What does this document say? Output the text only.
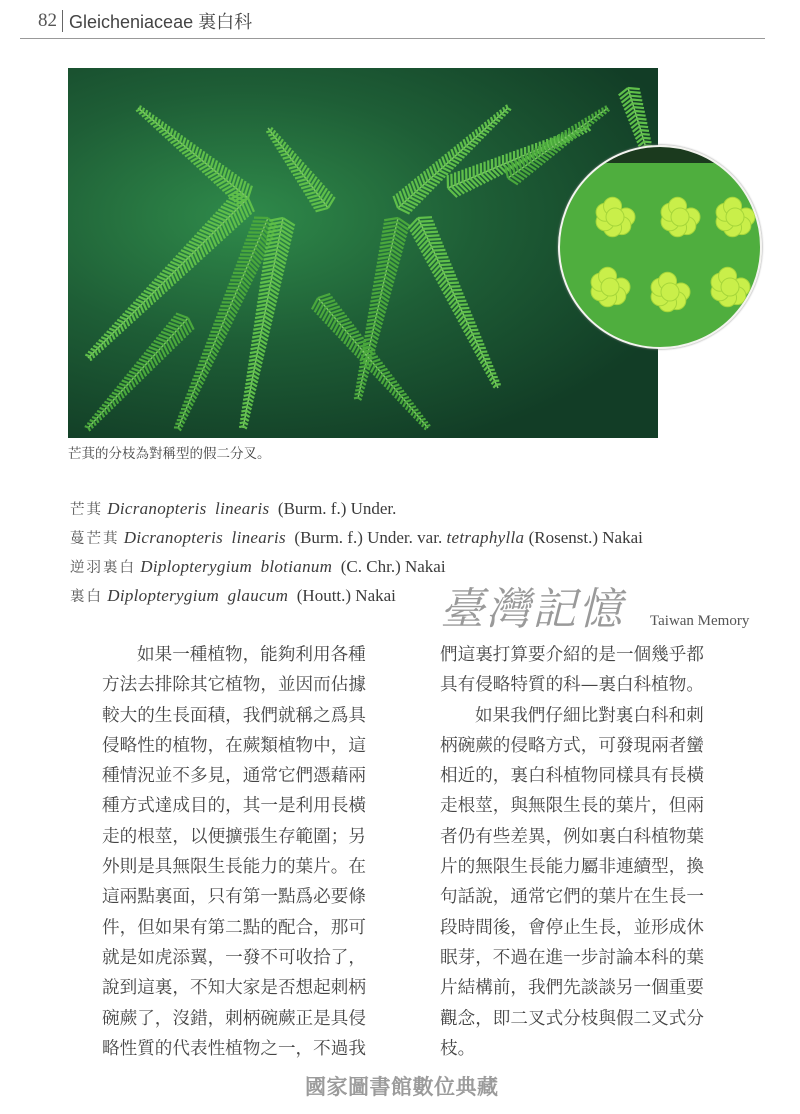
82 Gleicheniaceae 裏白科
芒萁的分枝為對稱型的假二分叉。
芒萁 Dicranopteris linearis (Burm. f.) Under.
蔓芒萁 Dicranopteris linearis (Burm. f.) Under. var. tetraphylla (Rosenst.) Nakai
逆羽裏白 Diplopterygium blotianum (C. Chr.) Nakai
裏白 Diplopterygium glaucum (Houtt.) Nakai	臺灣記憶 Taiwan Memory
如果一種植物，能夠利用各種
方法去排除其它植物，並因而佔據
較大的生長面積，我們就稱之爲具
侵略性的植物，在蕨類植物中，這
種情況並不多見，通常它們憑藉兩
種方式達成目的，其一是利用長橫
走的根莖，以便擴張生存範圍；另
外則是具無限生長能力的葉片。在
這兩點裏面，只有第一點爲必要條
件，但如果有第二點的配合，那可
就是如虎添翼，一發不可收拾了，
說到這裏，不知大家是否想起刺柄
碗蕨了，沒錯，刺柄碗蕨正是具侵
略性質的代表性植物之一，不過我
們這裏打算要介紹的是一個幾乎都
具有侵略特質的科—裏白科植物。
如果我們仔細比對裏白科和刺
柄碗蕨的侵略方式，可發現兩者蠻
相近的，裏白科植物同樣具有長橫
走根莖，與無限生長的葉片，但兩
者仍有些差異，例如裏白科植物葉
片的無限生長能力屬非連續型，換
句話說，通常它們的葉片在生長一
段時間後，會停止生長，並形成休
眠芽，不過在進一步討論本科的葉
片結構前，我們先談談另一個重要
觀念，即二叉式分枝與假二叉式分
枝。
國家圖書館數位典藏
